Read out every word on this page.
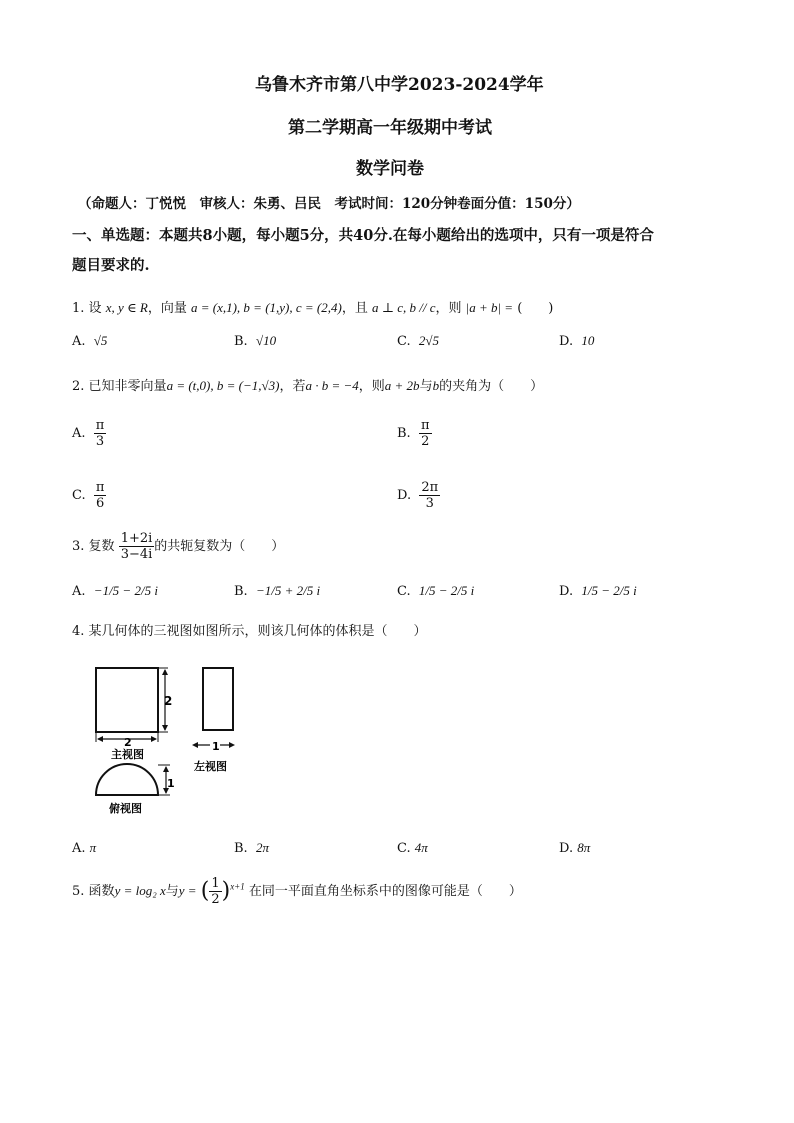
乌鲁木齐市第八中学2023-2024学年
第二学期高一年级期中考试
数学问卷
（命题人：丁悦悦　审核人：朱勇、吕民　考试时间：120分钟卷面分值：150分）
一、单选题：本题共8小题，每小题5分，共40分.在每小题给出的选项中，只有一项是符合
题目要求的.
1. 设 x, y ∈ R，向量 a = (x,1), b = (1,y), c = (2,4)，且 a ⊥ c, b // c，则 |a + b| = (　　)
A. √5	B. √10	C. 2√5	D. 10
2. 已知非零向量a = (t,0), b = (−1,√3)，若a · b = −4，则a + 2b与b的夹角为（　　）
A. $\frac{\pi}{3}$	B. $\frac{\pi}{2}$
C. $\frac{\pi}{6}$	D. $\frac{2\pi}{3}$
3. 复数 $\frac{1+2i}{3-4i}$ 的共轭复数为（　　）
A. −1/5 − 2/5 i	B. −1/5 + 2/5 i	C. 1/5 − 2/5 i	D. 1/5 − 2/5 i
4. 某几何体的三视图如图所示，则该几何体的体积是（　　）
2
2
主视图
1
左视图
1
俯视图
A. π	B. 2π	C. 4π	D. 8π
5. 函数y = log₂ x与y = ( $\frac{1}{2} )^{x+1}$ 在同一平面直角坐标系中的图像可能是（　　）
